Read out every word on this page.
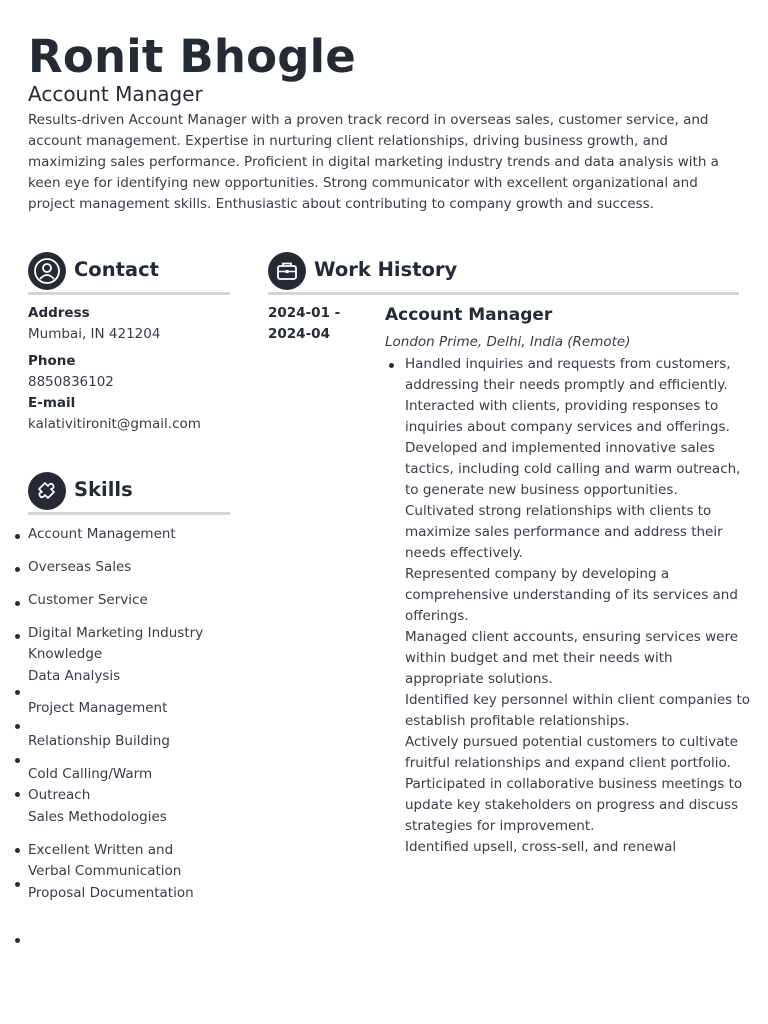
Ronit Bhogle
Account Manager

Results-driven Account Manager with a proven track record in overseas sales, customer service, and account management. Expertise in nurturing client relationships, driving business growth, and maximizing sales performance. Proficient in digital marketing industry trends and data analysis with a keen eye for identifying new opportunities. Strong communicator with excellent organizational and project management skills. Enthusiastic about contributing to company growth and success.

Contact
Address
Mumbai, IN 421204
Phone
8850836102
E-mail
kalativitironit@gmail.com
Skills
Account Management
Overseas Sales
Customer Service
Digital Marketing Industry Knowledge
Data Analysis
Project Management
Relationship Building
Cold Calling/Warm Outreach
Sales Methodologies
Excellent Written and Verbal Communication
Proposal Documentation
Work History
2024-01 - 2024-04
Account Manager
London Prime, Delhi, India (Remote)

Handled inquiries and requests from customers, addressing their needs promptly and efficiently.

Interacted with clients, providing responses to inquiries about company services and offerings.

Developed and implemented innovative sales tactics, including cold calling and warm outreach, to generate new business opportunities.

Cultivated strong relationships with clients to maximize sales performance and address their needs effectively.

Represented company by developing a comprehensive understanding of its services and offerings.

Managed client accounts, ensuring services were within budget and met their needs with appropriate solutions.

Identified key personnel within client companies to establish profitable relationships.

Actively pursued potential customers to cultivate fruitful relationships and expand client portfolio.

Participated in collaborative business meetings to update key stakeholders on progress and discuss strategies for improvement.

Identified upsell, cross-sell, and renewal
